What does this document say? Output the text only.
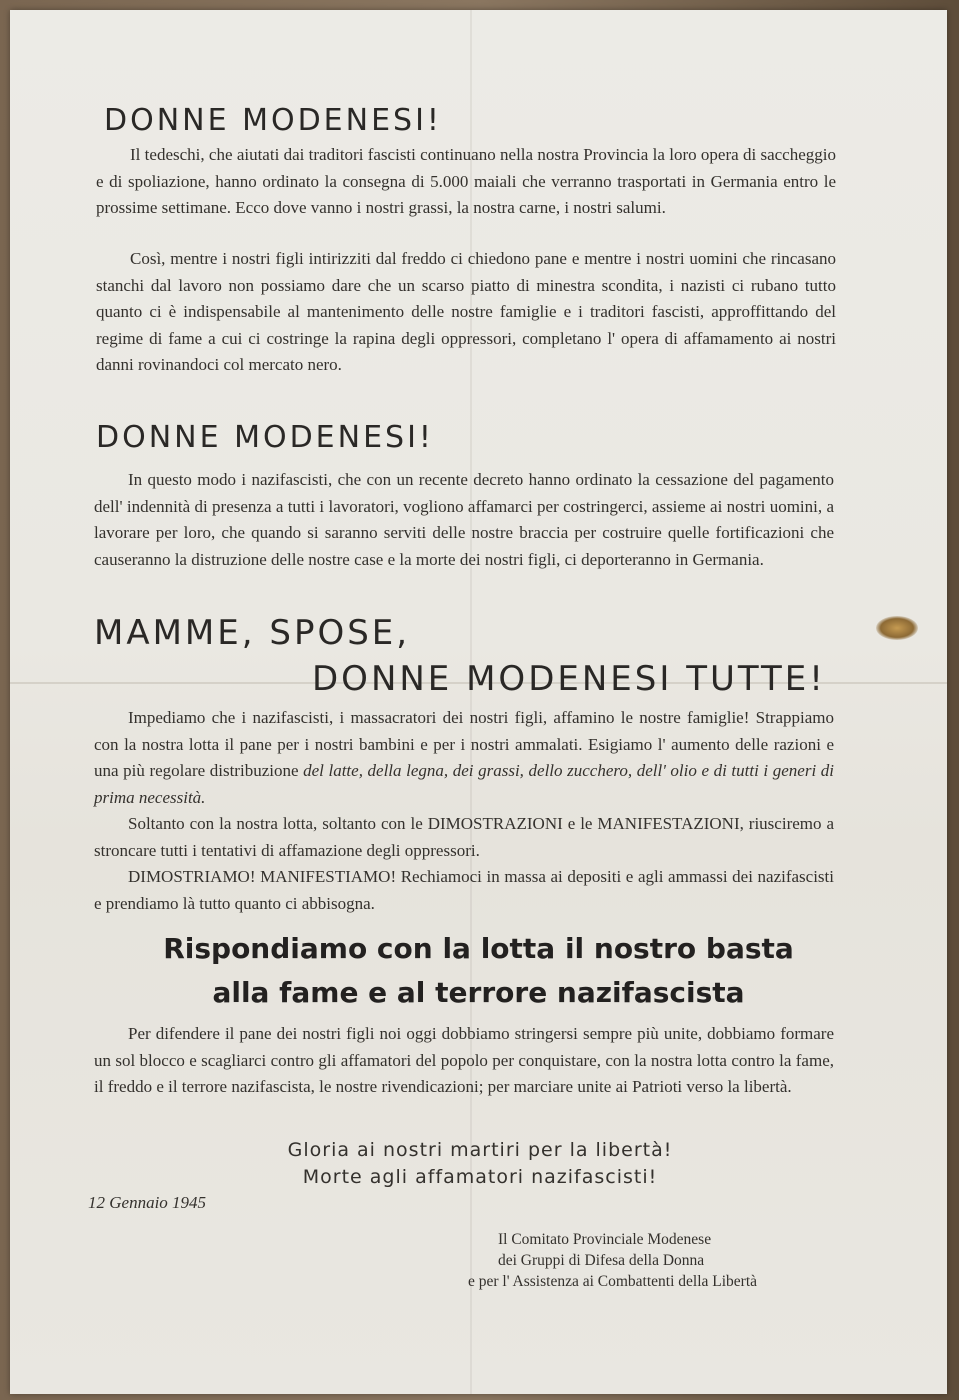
DONNE MODENESI!

Il tedeschi, che aiutati dai traditori fascisti continuano nella nostra Provincia la loro opera di saccheggio e di spoliazione, hanno ordinato la consegna di 5.000 maiali che verranno trasportati in Germania entro le prossime settimane. Ecco dove vanno i nostri grassi, la nostra carne, i nostri salumi.

Così, mentre i nostri figli intirizziti dal freddo ci chiedono pane e mentre i nostri uomini che rincasano stanchi dal lavoro non possiamo dare che un scarso piatto di minestra scondita, i nazisti ci rubano tutto quanto ci è indispensabile al mantenimento delle nostre famiglie e i traditori fascisti, approffittando del regime di fame a cui ci costringe la rapina degli oppressori, completano l' opera di affamamento ai nostri danni rovinandoci col mercato nero.

DONNE MODENESI!

In questo modo i nazifascisti, che con un recente decreto hanno ordinato la cessazione del pagamento dell' indennità di presenza a tutti i lavoratori, vogliono affamarci per costringerci, assieme ai nostri uomini, a lavorare per loro, che quando si saranno serviti delle nostre braccia per costruire quelle fortificazioni che causeranno la distruzione delle nostre case e la morte dei nostri figli, ci deporteranno in Germania.

MAMME, SPOSE,
DONNE MODENESI TUTTE!

Impediamo che i nazifascisti, i massacratori dei nostri figli, affamino le nostre famiglie! Strappiamo con la nostra lotta il pane per i nostri bambini e per i nostri ammalati. Esigiamo l' aumento delle razioni e una più regolare distribuzione del latte, della legna, dei grassi, dello zucchero, dell' olio e di tutti i generi di prima necessità.

Soltanto con la nostra lotta, soltanto con le DIMOSTRAZIONI e le MANIFESTAZIONI, riusciremo a stroncare tutti i tentativi di affamazione degli oppressori.

DIMOSTRIAMO! MANIFESTIAMO! Rechiamoci in massa ai depositi e agli ammassi dei nazifascisti e prendiamo là tutto quanto ci abbisogna.

Rispondiamo con la lotta il nostro basta
alla fame e al terrore nazifascista

Per difendere il pane dei nostri figli noi oggi dobbiamo stringersi sempre più unite, dobbiamo formare un sol blocco e scagliarci contro gli affamatori del popolo per conquistare, con la nostra lotta contro la fame, il freddo e il terrore nazifascista, le nostre rivendicazioni; per marciare unite ai Patrioti verso la libertà.

Gloria ai nostri martiri per la libertà!

Morte agli affamatori nazifascisti!

12 Gennaio 1945

Il Comitato Provinciale Modenese
dei Gruppi di Difesa della Donna
e per l' Assistenza ai Combattenti della Libertà
